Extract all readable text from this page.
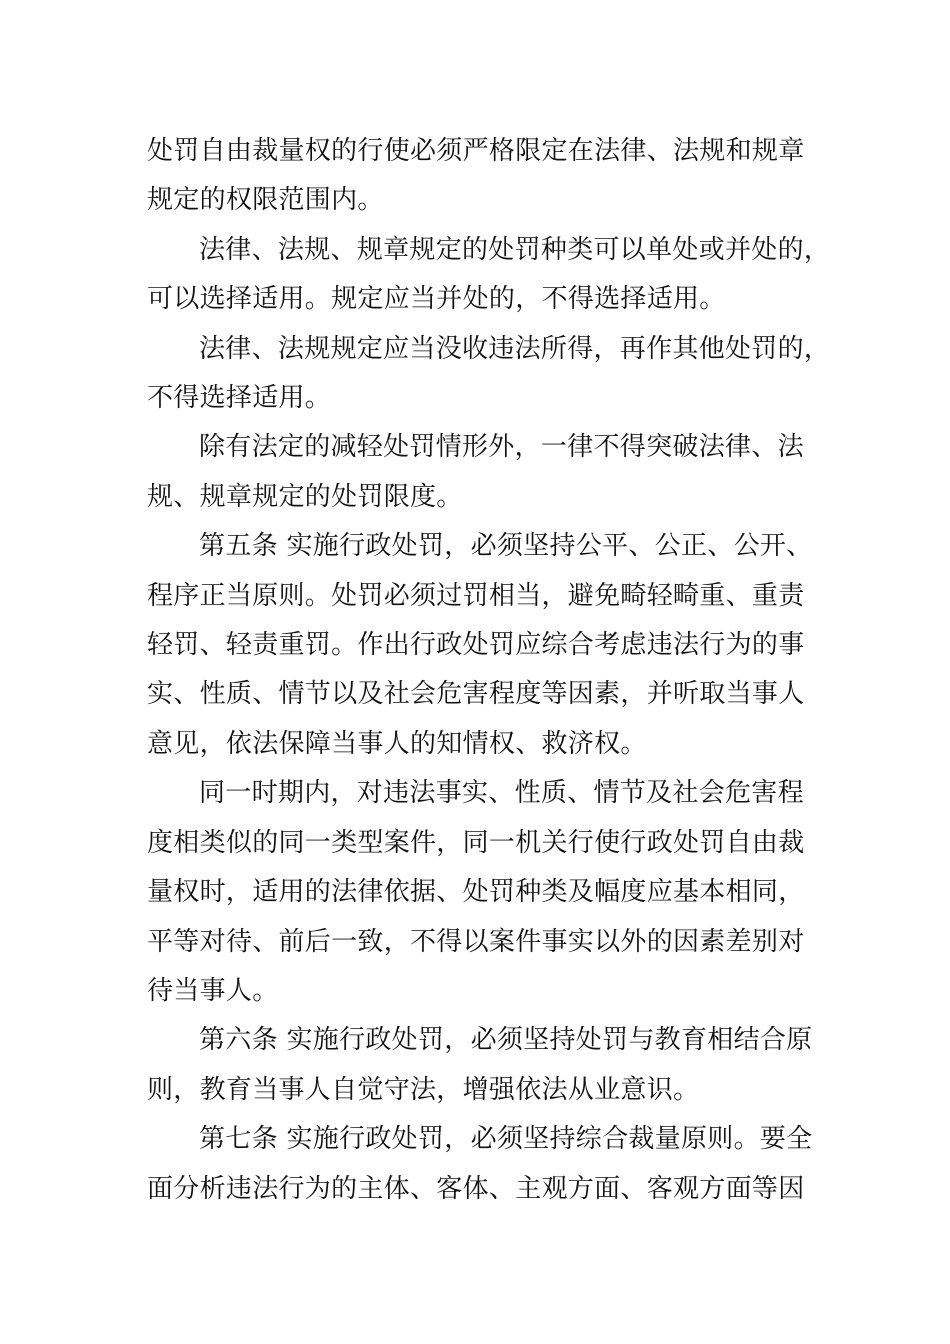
处罚自由裁量权的行使必须严格限定在法律、法规和规章
规定的权限范围内。

法律、法规、规章规定的处罚种类可以单处或并处的，
可以选择适用。规定应当并处的，不得选择适用。

法律、法规规定应当没收违法所得，再作其他处罚的，
不得选择适用。

除有法定的减轻处罚情形外，一律不得突破法律、法
规、规章规定的处罚限度。

第五条 实施行政处罚，必须坚持公平、公正、公开、
程序正当原则。处罚必须过罚相当，避免畸轻畸重、重责
轻罚、轻责重罚。作出行政处罚应综合考虑违法行为的事
实、性质、情节以及社会危害程度等因素，并听取当事人
意见，依法保障当事人的知情权、救济权。

同一时期内，对违法事实、性质、情节及社会危害程
度相类似的同一类型案件，同一机关行使行政处罚自由裁
量权时，适用的法律依据、处罚种类及幅度应基本相同，
平等对待、前后一致，不得以案件事实以外的因素差别对
待当事人。

第六条 实施行政处罚，必须坚持处罚与教育相结合原
则，教育当事人自觉守法，增强依法从业意识。

第七条 实施行政处罚，必须坚持综合裁量原则。要全
面分析违法行为的主体、客体、主观方面、客观方面等因
